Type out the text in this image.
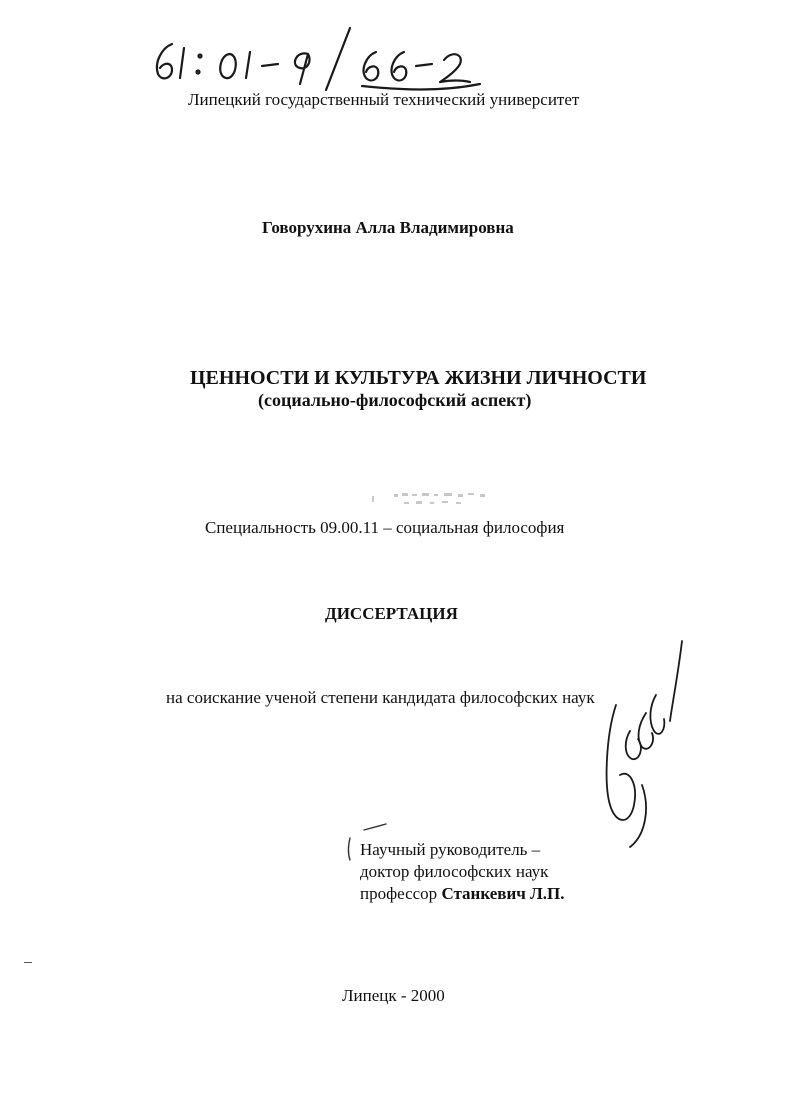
Липецкий государственный технический университет
Говорухина Алла Владимировна
ЦЕННОСТИ И КУЛЬТУРА ЖИЗНИ ЛИЧНОСТИ
(социально-философский аспект)
Специальность 09.00.11 – социальная философия
ДИССЕРТАЦИЯ
на соискание ученой степени кандидата философских наук
Научный руководитель –
доктор философских наук
профессор Станкевич Л.П.
Липецк - 2000
